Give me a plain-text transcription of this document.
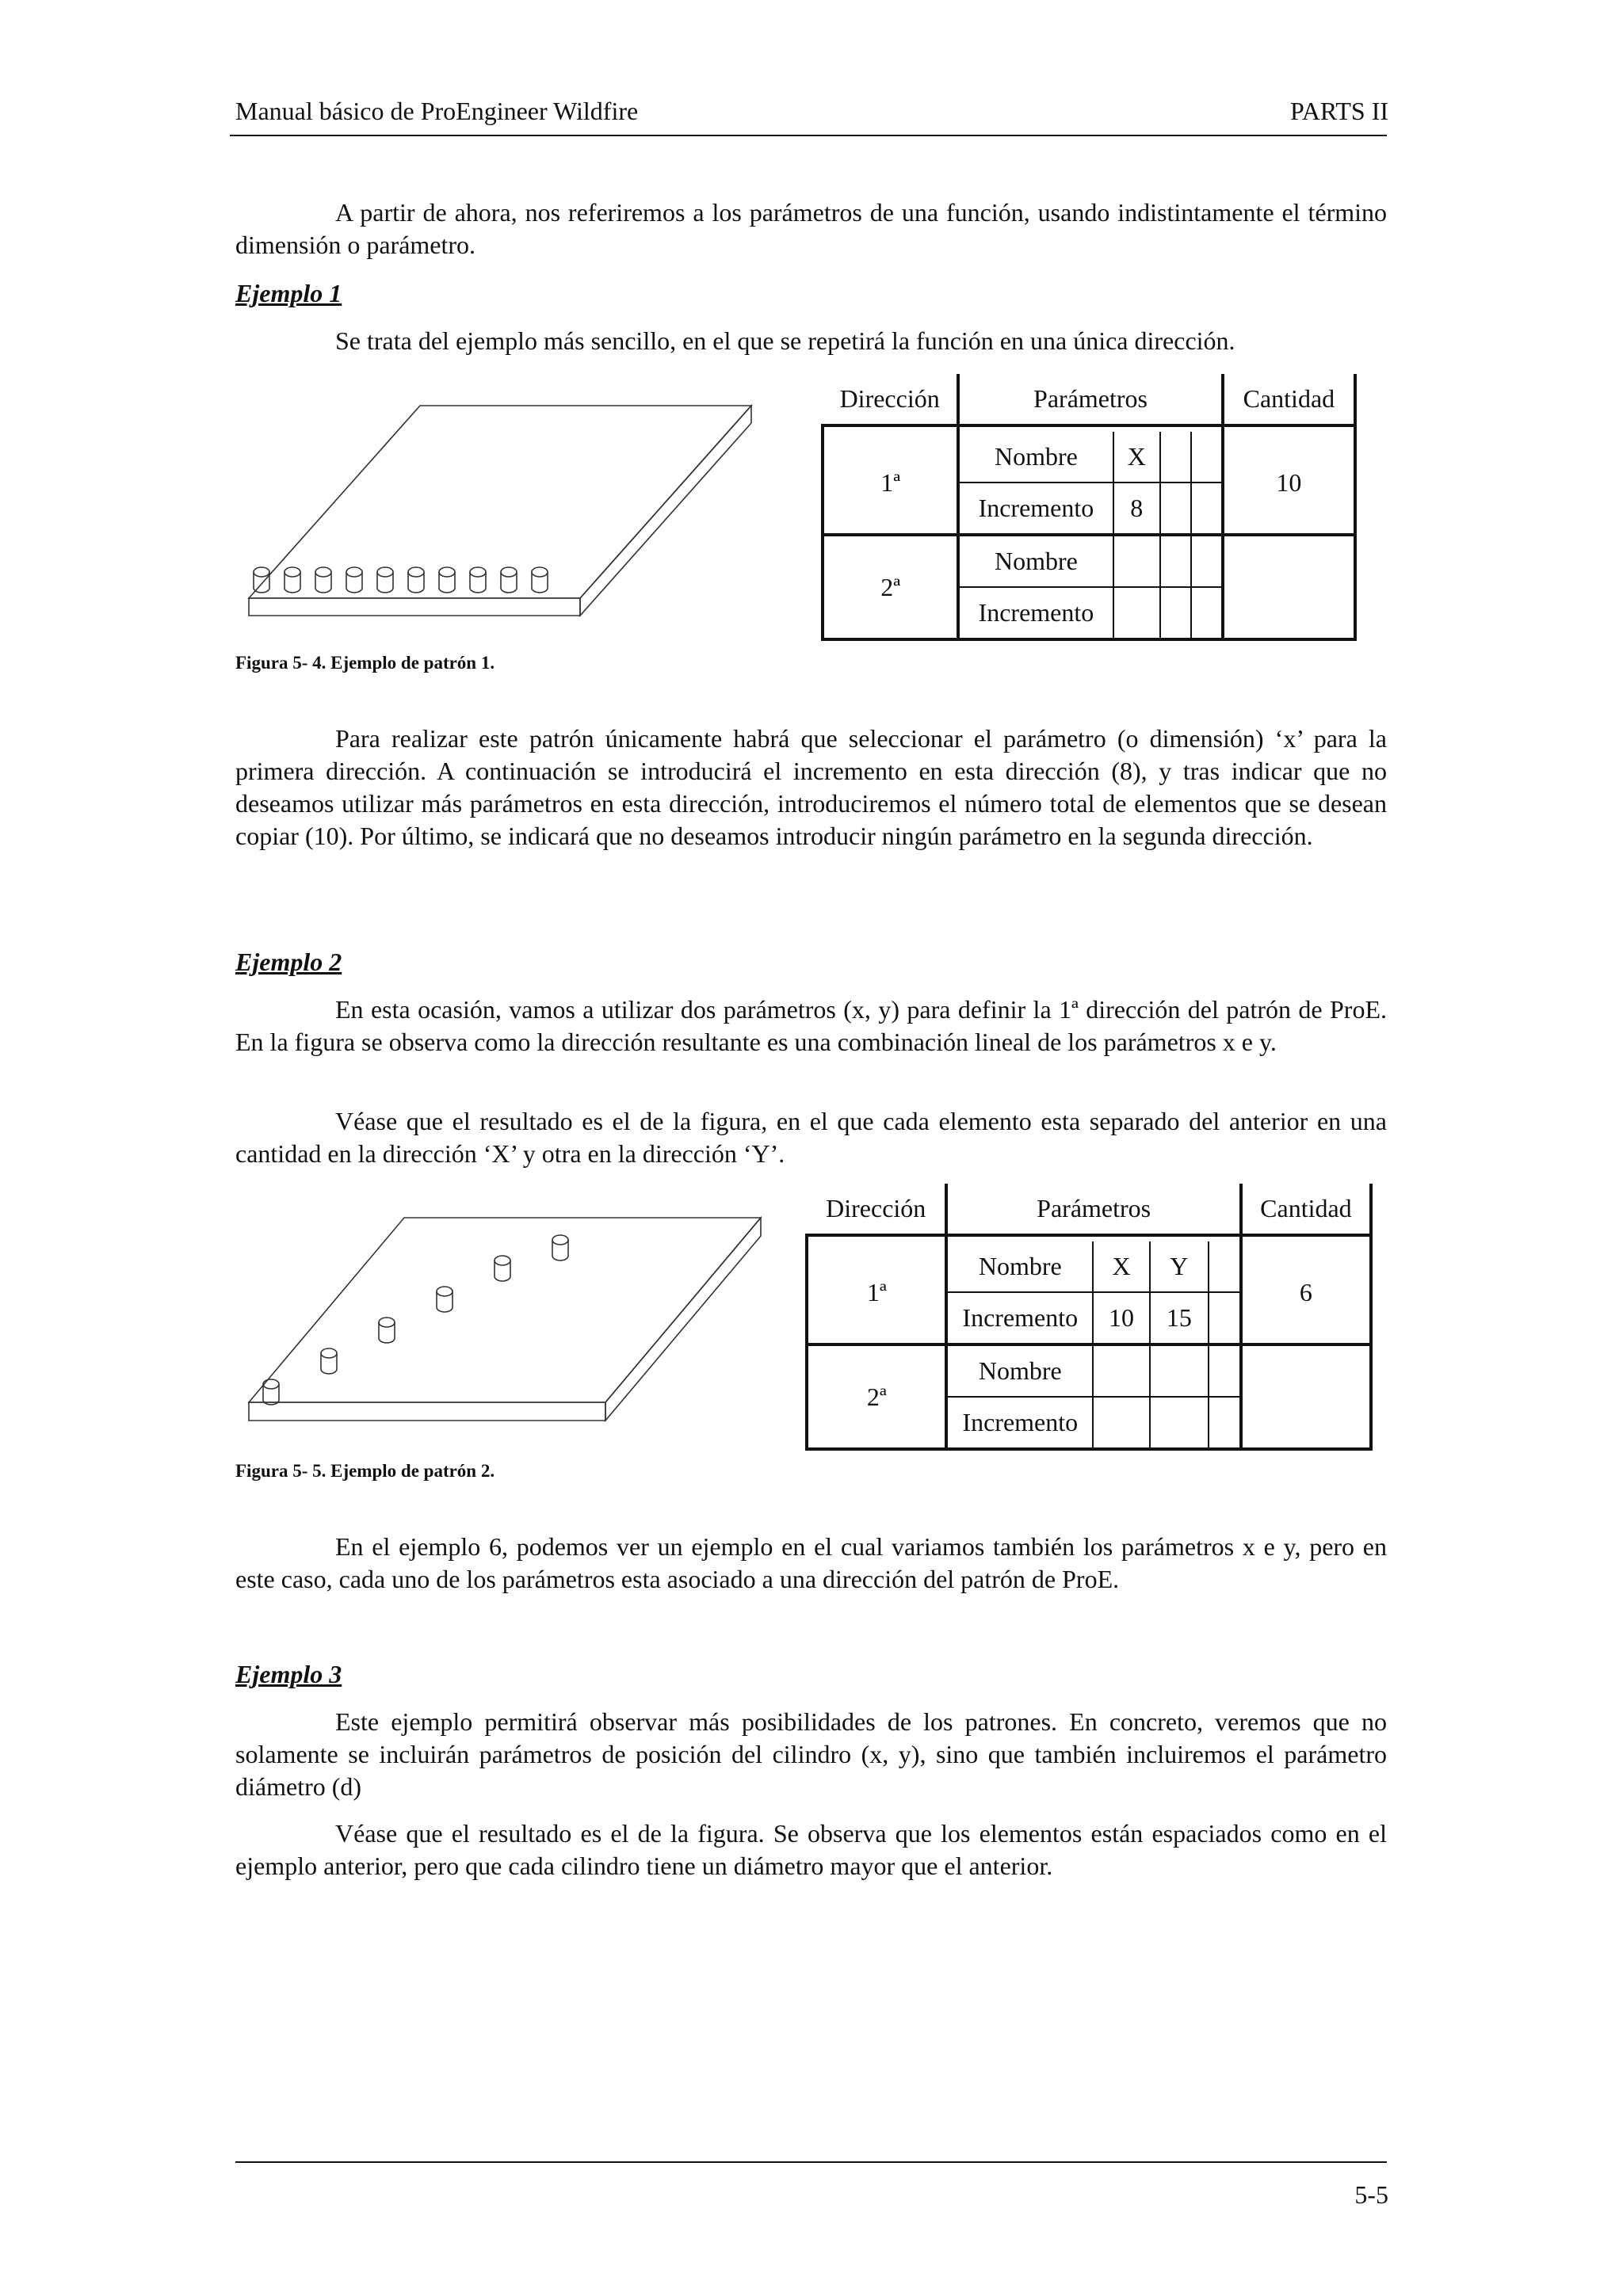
Manual básico de ProEngineer Wildfire	PARTS II

A partir de ahora, nos referiremos a los parámetros de una función, usando indistintamente el término dimensión o parámetro.

Ejemplo 1

Se trata del ejemplo más sencillo, en el que se repetirá la función en una única dirección.

Dirección	Parámetros				Cantidad

1ª	Nombre	X			10
	Incremento	8			
2ª	Nombre				
	Incremento				
Figura 5- 4. Ejemplo de patrón 1.

Para realizar este patrón únicamente habrá que seleccionar el parámetro (o dimensión) ‘x’ para la primera dirección. A continuación se introducirá el incremento en esta dirección (8), y tras indicar que no deseamos utilizar más parámetros en esta dirección, introduciremos el número total de elementos que se desean copiar (10). Por último, se indicará que no deseamos introducir ningún parámetro en la segunda dirección.

Ejemplo 2

En esta ocasión, vamos a utilizar dos parámetros (x, y) para definir la 1ª dirección del patrón de ProE. En la figura se observa como la dirección resultante es una combinación lineal de los parámetros x e y.

Véase que el resultado es el de la figura, en el que cada elemento esta separado del anterior en una cantidad en la dirección ‘X’ y otra en la dirección ‘Y’.

Dirección	Parámetros				Cantidad

1ª	Nombre	X	Y		6
	Incremento	10	15		
2ª	Nombre				
	Incremento				
Figura 5- 5. Ejemplo de patrón 2.

En el ejemplo 6, podemos ver un ejemplo en el cual variamos también los parámetros x e y, pero en este caso, cada uno de los parámetros esta asociado a una dirección del patrón de ProE.

Ejemplo 3

Este ejemplo permitirá observar más posibilidades de los patrones. En concreto, veremos que no solamente se incluirán parámetros de posición del cilindro (x, y), sino que también incluiremos el parámetro diámetro (d)

Véase que el resultado es el de la figura. Se observa que los elementos están espaciados como en el ejemplo anterior, pero que cada cilindro tiene un diámetro mayor que el anterior.

5-5
